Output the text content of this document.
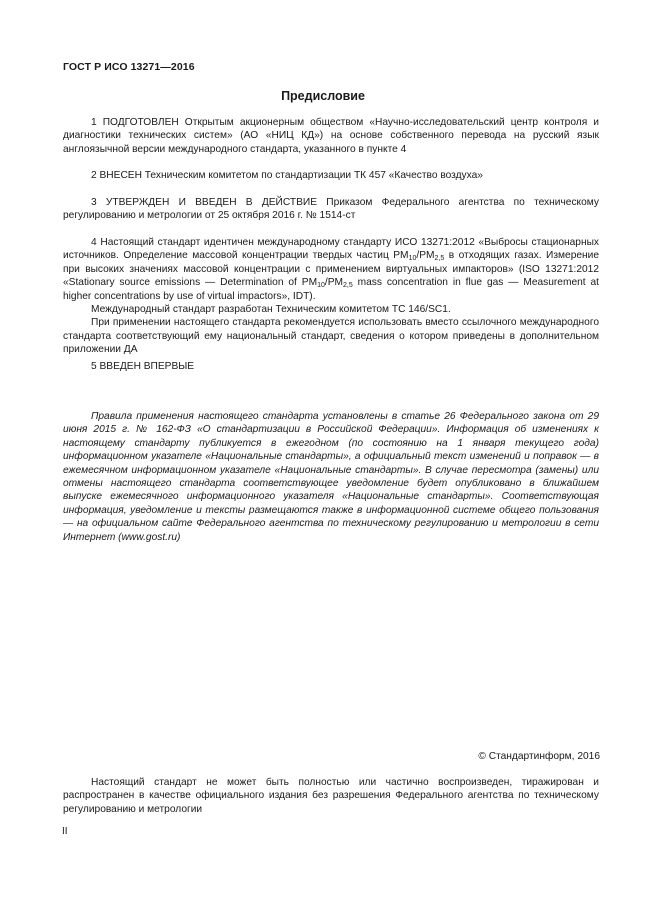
ГОСТ Р ИСО 13271—2016
Предисловие

1 ПОДГОТОВЛЕН Открытым акционерным обществом «Научно-исследовательский центр контроля и диагностики технических систем» (АО «НИЦ КД») на основе собственного перевода на русский язык англоязычной версии международного стандарта, указанного в пункте 4

2 ВНЕСЕН Техническим комитетом по стандартизации ТК 457 «Качество воздуха»

3 УТВЕРЖДЕН И ВВЕДЕН В ДЕЙСТВИЕ Приказом Федерального агентства по техническому регулированию и метрологии от 25 октября 2016 г. № 1514-ст

4 Настоящий стандарт идентичен международному стандарту ИСО 13271:2012 «Выбросы стационарных источников. Определение массовой концентрации твердых частиц $PM_{10}/PM_{2,5}$ в отходящих газах. Измерение при высоких значениях массовой концентрации с применением виртуальных импакторов» (ISO 13271:2012 «Stationary source emissions — Determination of $PM_{10}/PM_{2,5}$ mass concentration in flue gas — Measurement at higher concentrations by use of virtual impactors», IDT).

Международный стандарт разработан Техническим комитетом TC 146/SC1.

При применении настоящего стандарта рекомендуется использовать вместо ссылочного международного стандарта соответствующий ему национальный стандарт, сведения о котором приведены в дополнительном приложении ДА

5 ВВЕДЕН ВПЕРВЫЕ

Правила применения настоящего стандарта установлены в статье 26 Федерального закона от 29 июня 2015 г. № 162-ФЗ «О стандартизации в Российской Федерации». Информация об изменениях к настоящему стандарту публикуется в ежегодном (по состоянию на 1 января текущего года) информационном указателе «Национальные стандарты», а официальный текст изменений и поправок — в ежемесячном информационном указателе «Национальные стандарты». В случае пересмотра (замены) или отмены настоящего стандарта соответствующее уведомление будет опубликовано в ближайшем выпуске ежемесячного информационного указателя «Национальные стандарты». Соответствующая информация, уведомление и тексты размещаются также в информационной системе общего пользования — на официальном сайте Федерального агентства по техническому регулированию и метрологии в сети Интернет (www.gost.ru)

© Стандартинформ, 2016

Настоящий стандарт не может быть полностью или частично воспроизведен, тиражирован и распространен в качестве официального издания без разрешения Федерального агентства по техническому регулированию и метрологии

II
